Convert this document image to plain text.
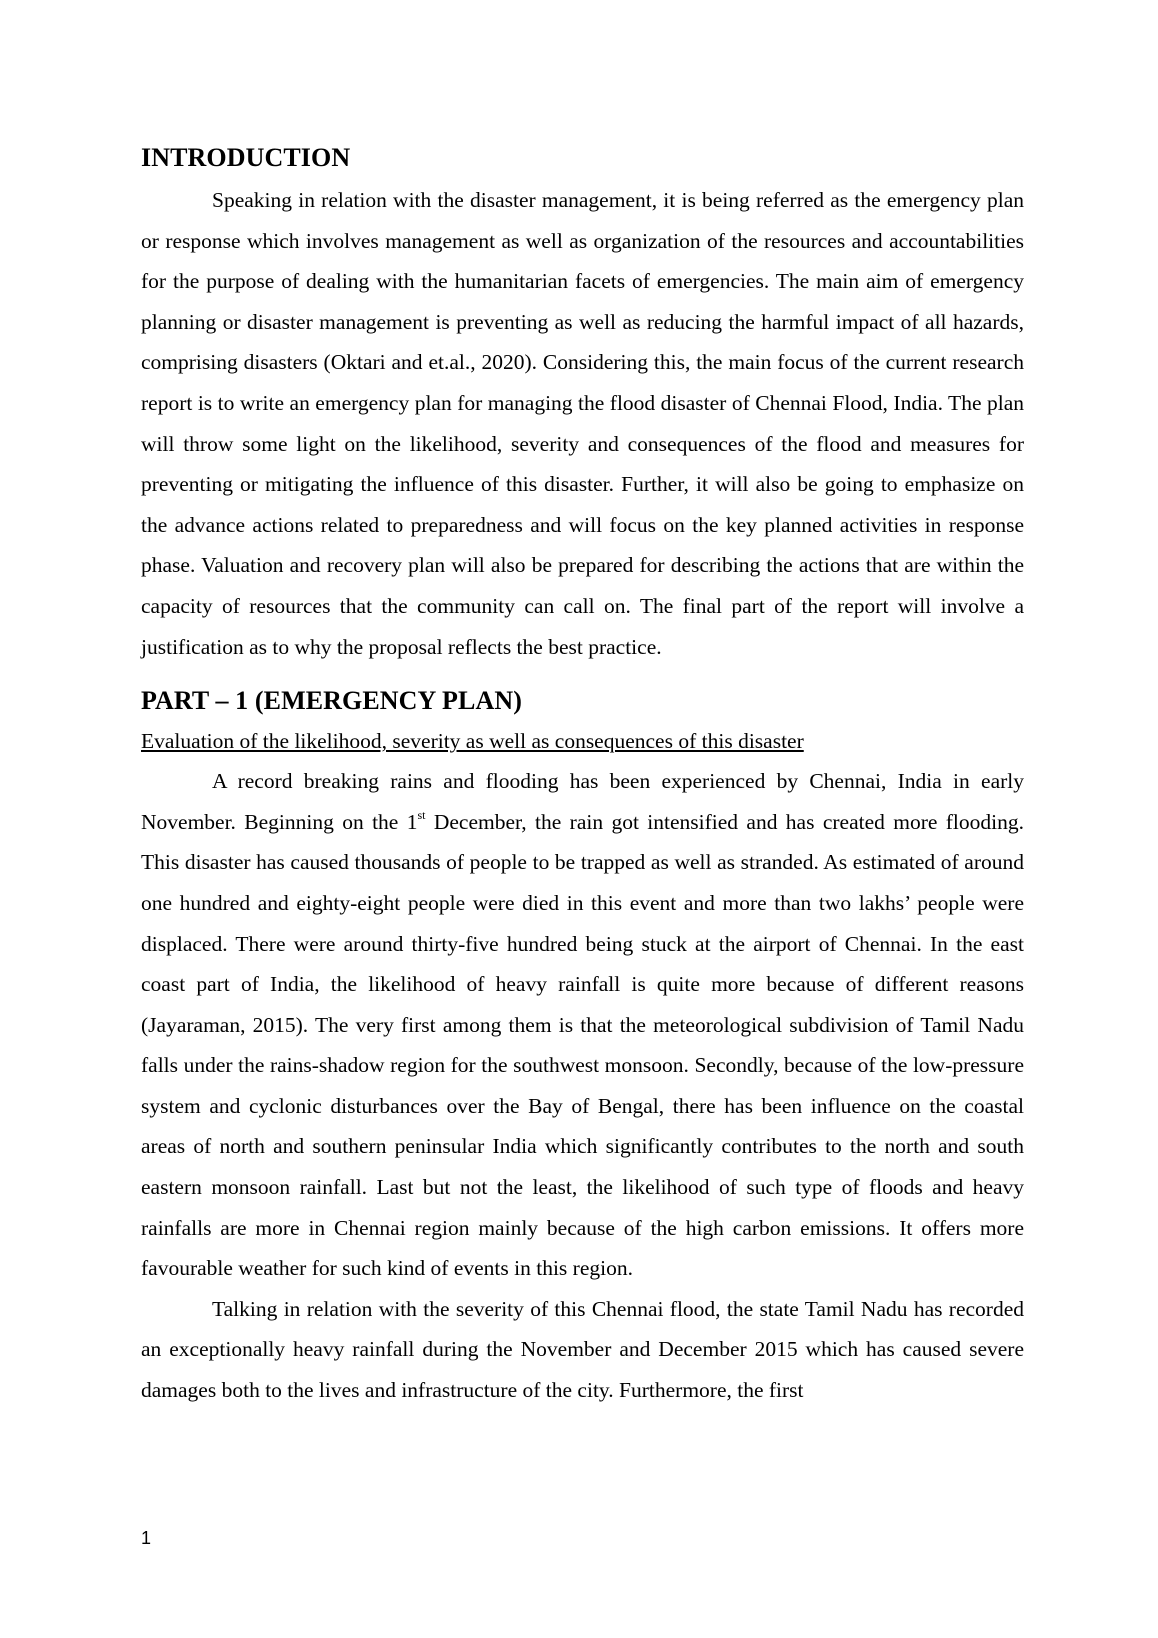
INTRODUCTION

Speaking in relation with the disaster management, it is being referred as the emergency plan or response which involves management as well as organization of the resources and accountabilities for the purpose of dealing with the humanitarian facets of emergencies. The main aim of emergency planning or disaster management is preventing as well as reducing the harmful impact of all hazards, comprising disasters (Oktari and et.al., 2020). Considering this, the main focus of the current research report is to write an emergency plan for managing the flood disaster of Chennai Flood, India. The plan will throw some light on the likelihood, severity and consequences of the flood and measures for preventing or mitigating the influence of this disaster. Further, it will also be going to emphasize on the advance actions related to preparedness and will focus on the key planned activities in response phase. Valuation and recovery plan will also be prepared for describing the actions that are within the capacity of resources that the community can call on. The final part of the report will involve a justification as to why the proposal reflects the best practice.

PART – 1 (EMERGENCY PLAN)
Evaluation of the likelihood, severity as well as consequences of this disaster

A record breaking rains and flooding has been experienced by Chennai, India in early November. Beginning on the 1st December, the rain got intensified and has created more flooding. This disaster has caused thousands of people to be trapped as well as stranded. As estimated of around one hundred and eighty-eight people were died in this event and more than two lakhs’ people were displaced. There were around thirty-five hundred being stuck at the airport of Chennai. In the east coast part of India, the likelihood of heavy rainfall is quite more because of different reasons (Jayaraman, 2015). The very first among them is that the meteorological subdivision of Tamil Nadu falls under the rains-shadow region for the southwest monsoon. Secondly, because of the low-pressure system and cyclonic disturbances over the Bay of Bengal, there has been influence on the coastal areas of north and southern peninsular India which significantly contributes to the north and south eastern monsoon rainfall. Last but not the least, the likelihood of such type of floods and heavy rainfalls are more in Chennai region mainly because of the high carbon emissions. It offers more favourable weather for such kind of events in this region.

Talking in relation with the severity of this Chennai flood, the state Tamil Nadu has recorded an exceptionally heavy rainfall during the November and December 2015 which has caused severe damages both to the lives and infrastructure of the city. Furthermore, the first

1
